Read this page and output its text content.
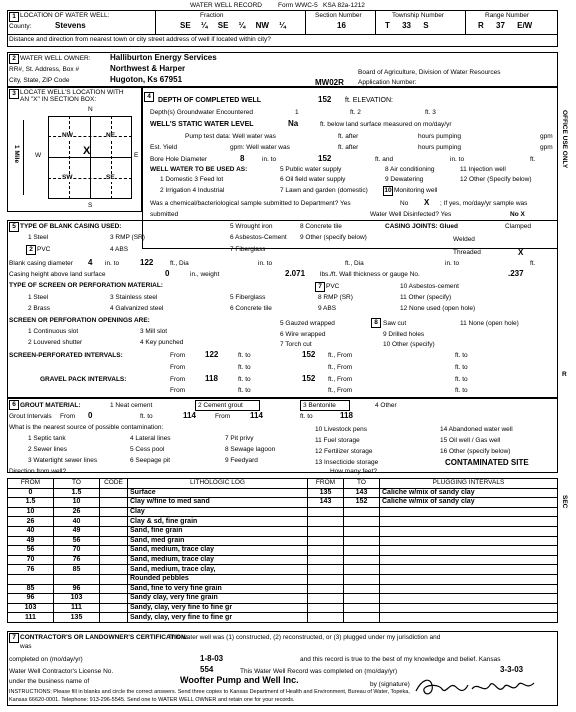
WATER WELL RECORD Form WWC-5 KSA 82a-1212
1 LOCATION OF WATER WELL:
County:	Stevens
Fraction
SE ¼ SE ¼ NW ¼
Section Number
16
Township Number
T 33 S
Range Number
R 37 E/W
Distance and direction from nearest town or city street address of well if located within city?
2 WATER WELL OWNER: Halliburton Energy Services
RR#, St. Address, Box #	Northwest & Harper	Board of Agriculture, Division of Water Resources
City, State, ZIP Code	Hugoton, Ks 67951	MW02R Application Number:
3 LOCATE WELL'S LOCATION WITH
AN "X" IN SECTION BOX:
N
NW	NE
SW	SE
X
W	E
S
1 Mile
4
DEPTH OF COMPLETED WELL	152 ft. ELEVATION:
Depth(s) Groundwater Encountered	1	ft. 2	ft. 3
WELL'S STATIC WATER LEVEL	Na	ft. below land surface measured on mo/day/yr
Pump test data: Well water was	ft. after	hours pumping	gpm
Est. Yield	gpm: Well water was	ft. after	hours pumping	gpm
Bore Hole Diameter	8	in. to	152	ft. and	in. to	ft.
WELL WATER TO BE USED AS:	5 Public water supply	8 Air conditioning	11 Injection well
1 Domestic 3 Feed lot	6 Oil field water supply	9 Dewatering	12 Other (Specify below)
2 Irrigation 4 Industrial	7 Lawn and garden (domestic)	10 Monitoring well
Was a chemical/bacteriological sample submitted to Department? Yes	No X ; If yes, mo/day/yr sample was
submitted	Water Well Disinfected? Yes	No X
5 TYPE OF BLANK CASING USED:	5 Wrought iron	8 Concrete tile	CASING JOINTS: Glued	Clamped
1 Steel	3 RMP (SR)	6 Asbestos-Cement 9 Other (specify below)	Welded
2 PVC	4 ABS	7 Fiberglass	Threaded	X
Blank casing diameter 4 in. to	122	ft., Dia	in. to	ft., Dia	in. to	ft.
Casing height above land surface	0	in., weight	2.071 lbs./ft. Wall thickness or gauge No.	.237
TYPE OF SCREEN OR PERFORATION MATERIAL:	7 PVC	10 Asbestos-cement
1 Steel	3 Stainless steel	5 Fiberglass	8 RMP (SR)	11 Other (specify)
2 Brass	4 Galvanized steel	6 Concrete tile	9 ABS	12 None used (open hole)
SCREEN OR PERFORATION OPENINGS ARE:	5 Gauzed wrapped	8 Saw cut	11 None (open hole)
1 Continuous slot	3 Mill slot	6 Wire wrapped	9 Drilled holes
2 Louvered shutter	4 Key punched	7 Torch cut	10 Other (specify)
SCREEN-PERFORATED INTERVALS:	From 122	ft. to	152 ft., From	ft. to
From	ft. to	ft., From	ft. to
GRAVEL PACK INTERVALS:	From 118	ft. to	152 ft., From	ft. to
From	ft. to	ft., From	ft. to
6 GROUT MATERIAL:	1 Neat cement	2 Cement grout	3 Bentonite	4 Other
Grout Intervals From 0	ft. to	114	From 114	ft. to	118
What is the nearest source of possible contamination:
1 Septic tank	4 Lateral lines	7 Pit privy
10 Livestock pens	14 Abandoned water well
2 Sewer lines	5 Cess pool	8 Sewage lagoon
11 Fuel storage	15 Oil well / Gas well
3 Watertight sewer lines	6 Seepage pit	9 Feedyard
12 Fertilizer storage	16 Other (specify below)
13 Insecticide storage	CONTAMINATED SITE
Direction from well?	How many feet?
FROM	TO	CODE	LITHOLOGIC LOG	FROM	TO	PLUGGING INTERVALS
0	1.5		Surface	135	143	Caliche w/mix of sandy clay
1.5	10		Clay w/fine to med sand	143	152	Caliche w/mix of sandy clay
10	26		Clay			
26	40		Clay & sd, fine grain			
40	49		Sand, fine grain			
49	56		Sand, med grain			
56	70		Sand, medium, trace clay			
70	76		Sand, medium, trace clay			
76	85		Sand, medium, trace clay,			
			Rounded pebbles			
85	96		Sand, fine to very fine grain			
96	103		Sandy clay, very fine grain			
103	111		Sandy, clay, very fine to fine gr			
111	135		Sandy, clay, very fine to fine gr			
7 CONTRACTOR'S OR LANDOWNER'S CERTIFICATION:
This water well was (1) constructed, (2) reconstructed, or (3) plugged under my jurisdiction and
was
completed on (mo/day/yr)	1-8-03	and this record is true to the best of my knowledge and belief. Kansas
Water Well Contractor's License No.	554	This Water Well Record was completed on (mo/day/yr)	3-3-03
under the business name of	Woofter Pump and Well Inc.	by (signature)
INSTRUCTIONS: Please fill in blanks and circle the correct answers. Send three copies to Kansas Department of Health and Environment, Bureau of Water, Topeka,
Kansas 66620-0001. Telephone: 913-296-5545. Send one to WATER WELL OWNER and retain one for your records.
OFFICE USE ONLY
R
SEC
